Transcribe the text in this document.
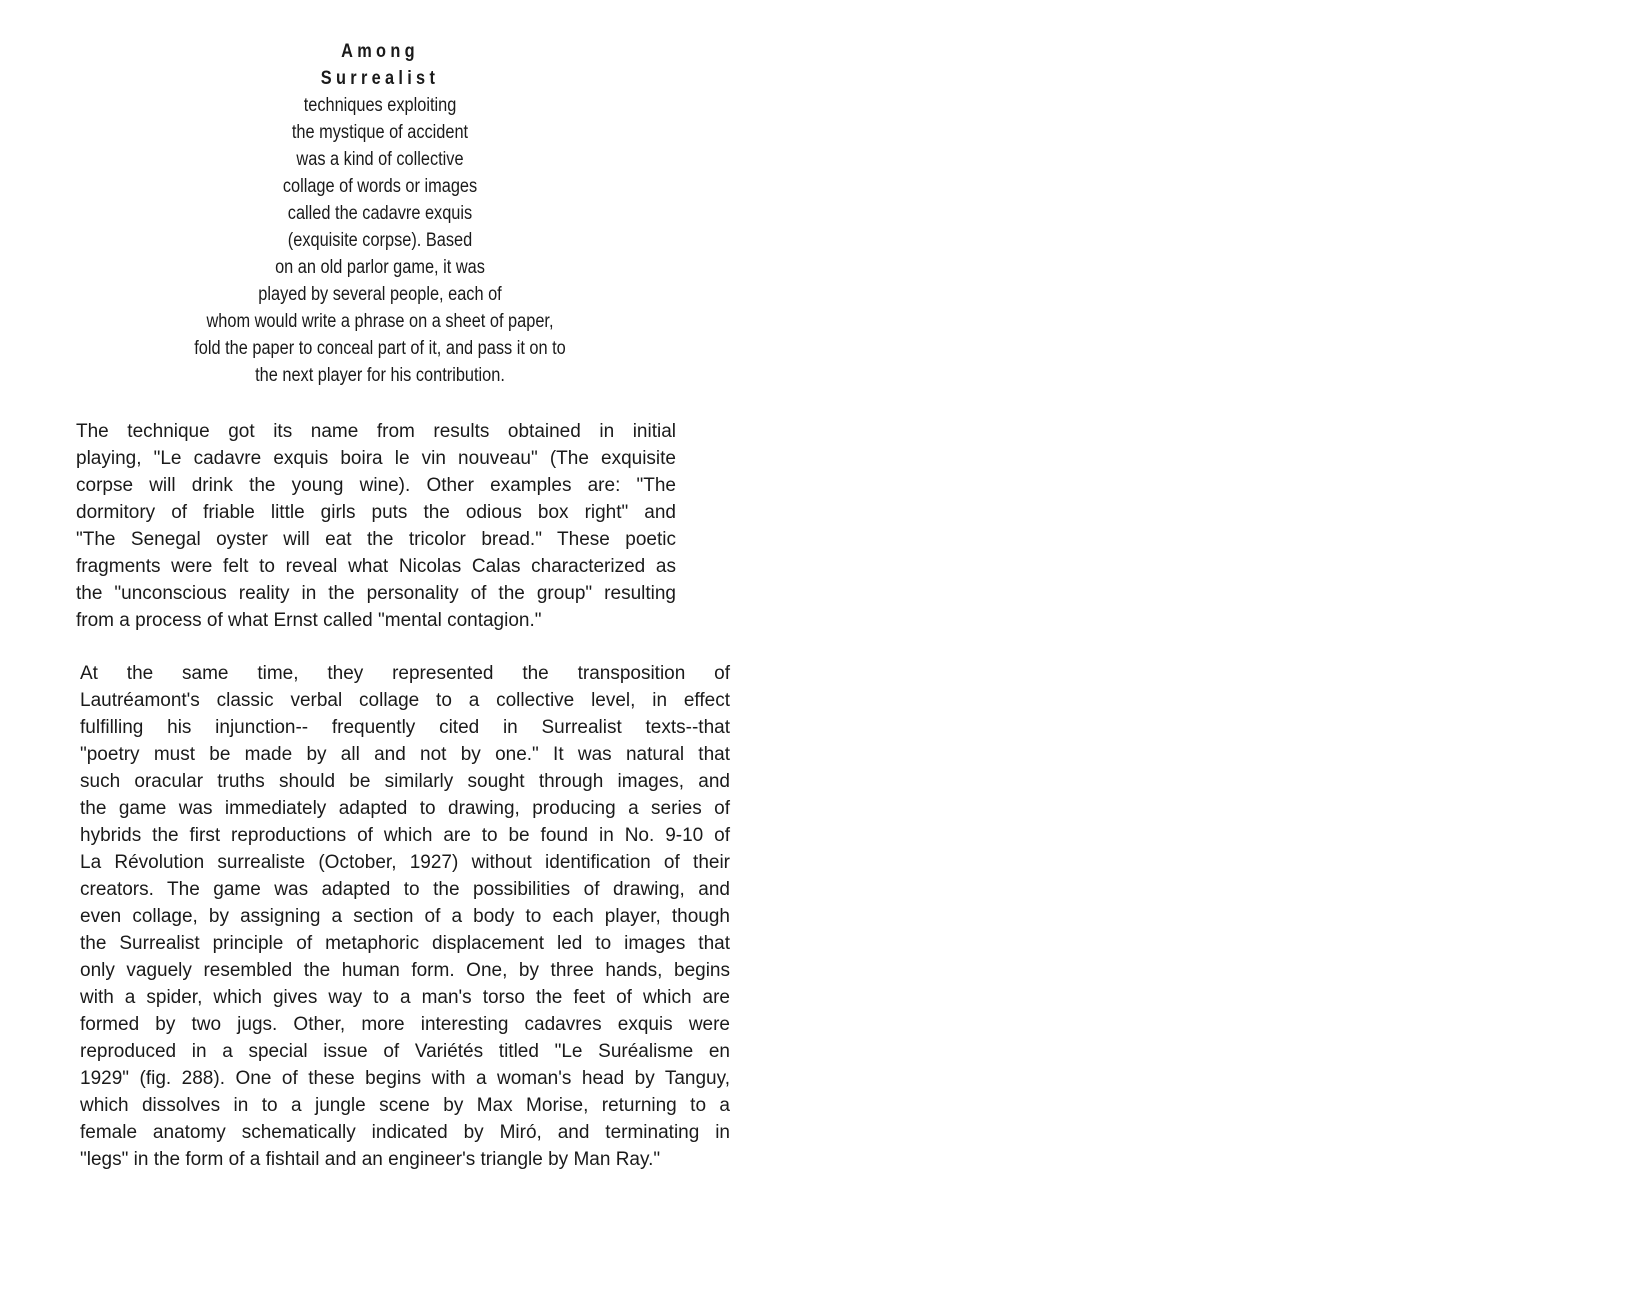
Among
Surrealist
techniques exploiting
the mystique of accident
was a kind of collective
collage of words or images
called the cadavre exquis
(exquisite corpse). Based
on an old parlor game, it was
played by several people, each of
whom would write a phrase on a sheet of paper,
fold the paper to conceal part of it, and pass it on to
the next player for his contribution.
The technique got its name from results obtained in initial
playing, "Le cadavre exquis boira le vin nouveau" (The exquisite
corpse will drink the young wine). Other examples are: "The
dormitory of friable little girls puts the odious box right" and
"The Senegal oyster will eat the tricolor bread." These poetic
fragments were felt to reveal what Nicolas Calas characterized as
the "unconscious reality in the personality of the group" resulting
from a process of what Ernst called "mental contagion."
At the same time, they represented the transposition of
Lautréamont's classic verbal collage to a collective level, in effect
fulfilling his injunction-- frequently cited in Surrealist texts--that
"poetry must be made by all and not by one." It was natural that
such oracular truths should be similarly sought through images, and
the game was immediately adapted to drawing, producing a series of
hybrids the first reproductions of which are to be found in No. 9-10 of
La Révolution surrealiste (October, 1927) without identification of their
creators. The game was adapted to the possibilities of drawing, and
even collage, by assigning a section of a body to each player, though
the Surrealist principle of metaphoric displacement led to images that
only vaguely resembled the human form. One, by three hands, begins
with a spider, which gives way to a man's torso the feet of which are
formed by two jugs. Other, more interesting cadavres exquis were
reproduced in a special issue of Variétés titled "Le Suréalisme en
1929" (fig. 288). One of these begins with a woman's head by Tanguy,
which dissolves in to a jungle scene by Max Morise, returning to a
female anatomy schematically indicated by Miró, and terminating in
"legs" in the form of a fishtail and an engineer's triangle by Man Ray."
